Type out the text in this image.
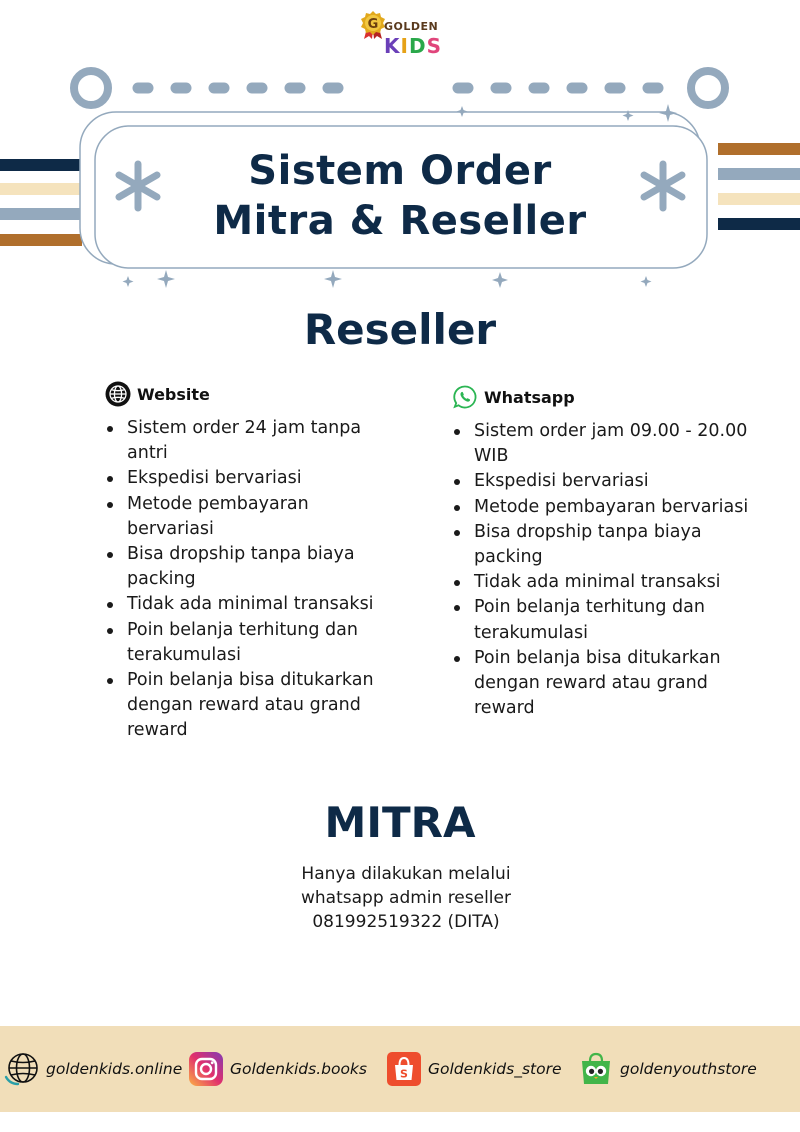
G GOLDEN
KIDS
Sistem Order
Mitra & Reseller
Reseller
Website
Sistem order 24 jam tanpa antri
Ekspedisi bervariasi
Metode pembayaran bervariasi
Bisa dropship tanpa biaya packing
Tidak ada minimal transaksi
Poin belanja terhitung dan terakumulasi
Poin belanja bisa ditukarkan dengan reward atau grand reward
Whatsapp
Sistem order jam 09.00 - 20.00 WIB
Ekspedisi bervariasi
Metode pembayaran bervariasi
Bisa dropship tanpa biaya packing
Tidak ada minimal transaksi
Poin belanja terhitung dan terakumulasi
Poin belanja bisa ditukarkan dengan reward atau grand reward
MITRA
Hanya dilakukan melalui
whatsapp admin reseller
081992519322 (DITA)
goldenkids.online	Goldenkids.books	S Goldenkids_store	goldenyouthstore
